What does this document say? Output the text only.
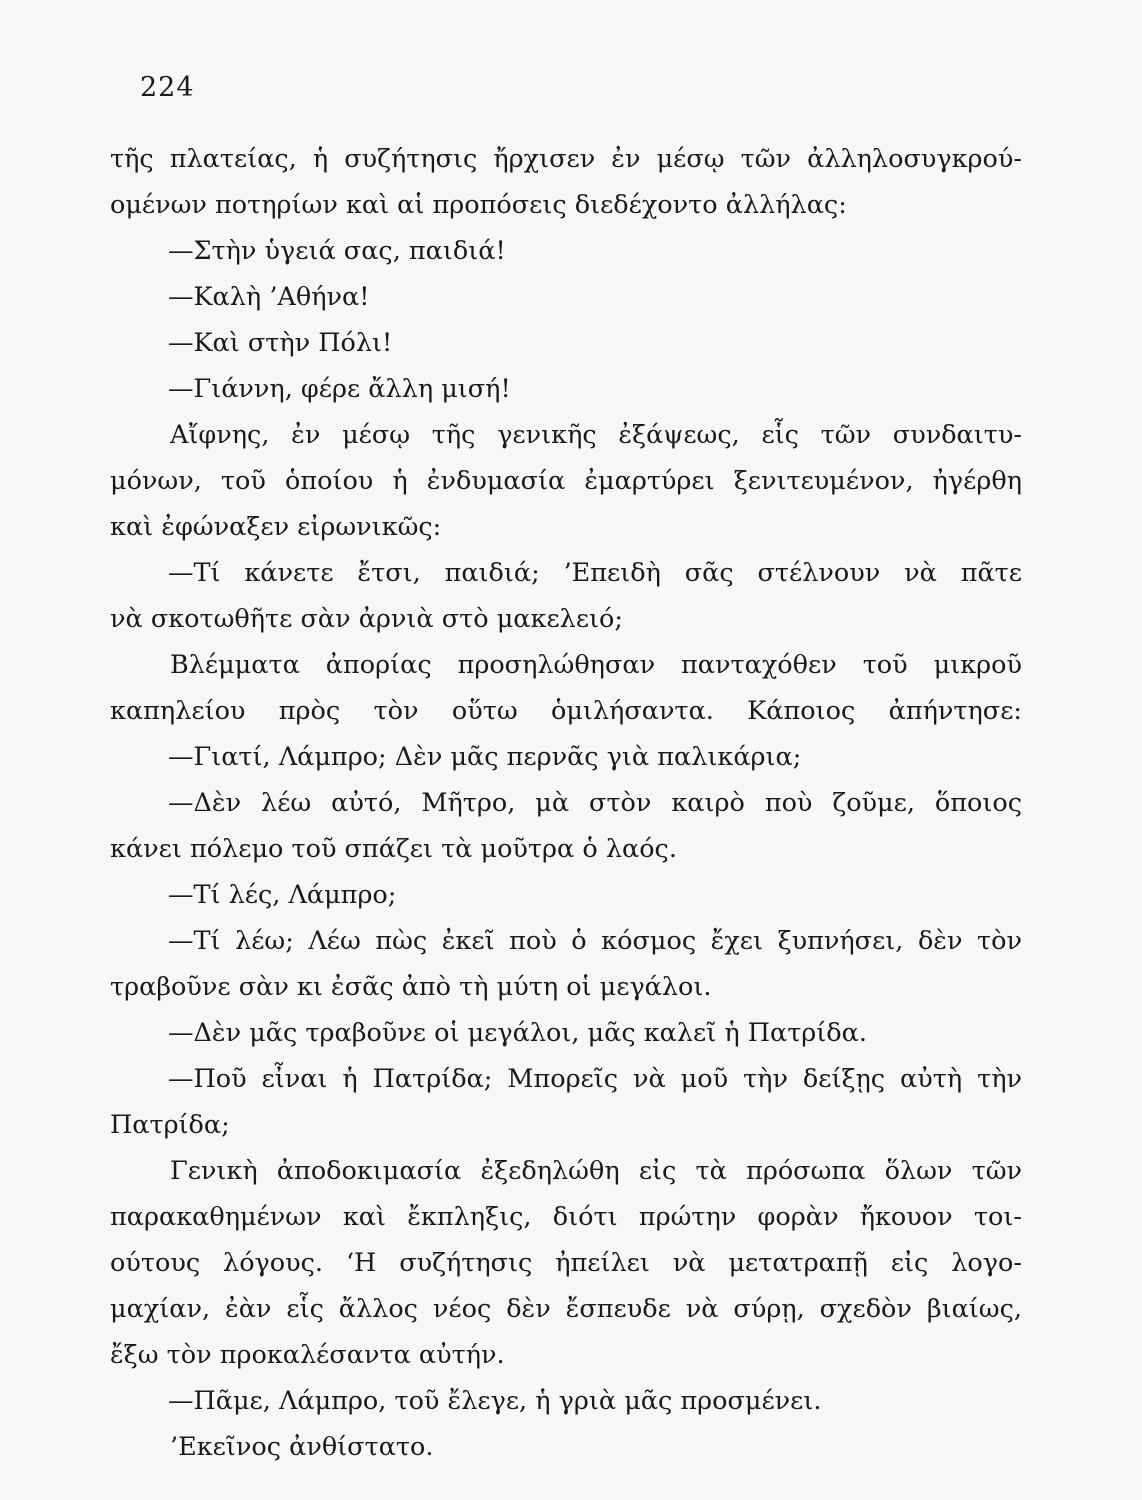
224
τῆς πλατείας, ἡ συζήτησις ἤρχισεν ἐν μέσῳ τῶν ἀλληλοσυγκρού-
ομένων ποτηρίων καὶ αἱ προπόσεις διεδέχοντο ἀλλήλας:
—Στὴν ὑγειά σας, παιδιά!
—Καλὴ ’Αθήνα!
—Καὶ στὴν Πόλι!
—Γιάννη, φέρε ἄλλη μισή!
Αἴφνης, ἐν μέσῳ τῆς γενικῆς ἐξάψεως, εἷς τῶν συνδαιτυ-
μόνων, τοῦ ὁποίου ἡ ἐνδυμασία ἐμαρτύρει ξενιτευμένον, ἠγέρθη
καὶ ἐφώναξεν εἰρωνικῶς:
—Τί κάνετε ἔτσι, παιδιά; ’Επειδὴ σᾶς στέλνουν νὰ πᾶτε
νὰ σκοτωθῆτε σὰν ἀρνιὰ στὸ μακελειό;
Βλέμματα ἀπορίας προσηλώθησαν πανταχόθεν τοῦ μικροῦ
καπηλείου πρὸς τὸν οὕτω ὁμιλήσαντα. Κάποιος ἀπήντησε:
—Γιατί, Λάμπρο; Δὲν μᾶς περνᾶς γιὰ παλικάρια;
—Δὲν λέω αὐτό, Μῆτρο, μὰ στὸν καιρὸ ποὺ ζοῦμε, ὅποιος
κάνει πόλεμο τοῦ σπάζει τὰ μοῦτρα ὁ λαός.
—Τί λές, Λάμπρο;
—Τί λέω; Λέω πὼς ἐκεῖ ποὺ ὁ κόσμος ἔχει ξυπνήσει, δὲν τὸν
τραβοῦνε σὰν κι ἐσᾶς ἀπὸ τὴ μύτη οἱ μεγάλοι.
—Δὲν μᾶς τραβοῦνε οἱ μεγάλοι, μᾶς καλεῖ ἡ Πατρίδα.
—Ποῦ εἶναι ἡ Πατρίδα; Μπορεῖς νὰ μοῦ τὴν δείξῃς αὐτὴ τὴν
Πατρίδα;
Γενικὴ ἀποδοκιμασία ἐξεδηλώθη εἰς τὰ πρόσωπα ὅλων τῶν
παρακαθημένων καὶ ἔκπληξις, διότι πρώτην φορὰν ἤκουον τοι-
ούτους λόγους. ‘Η συζήτησις ἠπείλει νὰ μετατραπῇ εἰς λογο-
μαχίαν, ἐὰν εἷς ἄλλος νέος δὲν ἔσπευδε νὰ σύρῃ, σχεδὸν βιαίως,
ἔξω τὸν προκαλέσαντα αὐτήν.
—Πᾶμε, Λάμπρο, τοῦ ἔλεγε, ἡ γριὰ μᾶς προσμένει.
’Εκεῖνος ἀνθίστατο.
